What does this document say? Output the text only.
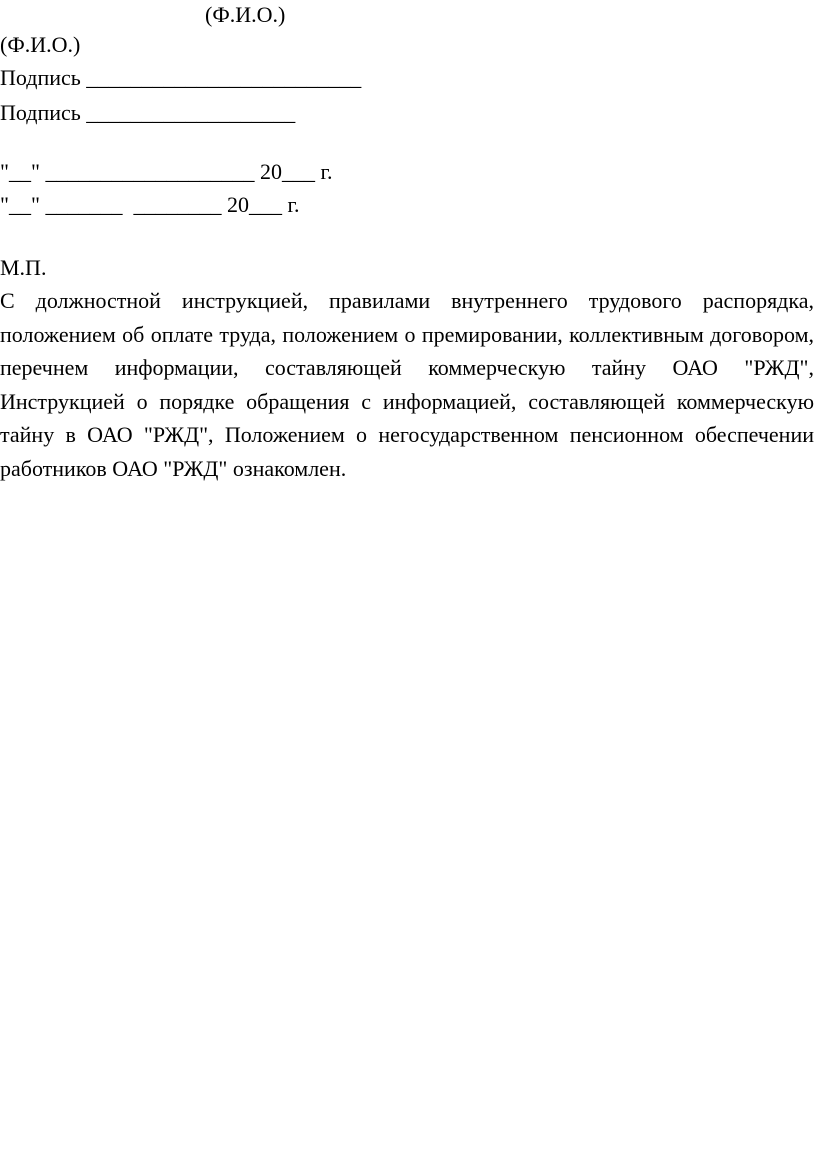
(Ф.И.О.)
(Ф.И.О.)
Подпись _________________________
Подпись ___________________
"__" ___________________ 20___ г.
"__" _______  ________ 20___ г.
М.П.
С должностной инструкцией, правилами внутреннего трудового распорядка, положением об оплате труда, положением о премировании, коллективным договором, перечнем информации, составляющей коммерческую тайну ОАО "РЖД", Инструкцией о порядке обращения с информацией, составляющей коммерческую тайну в ОАО "РЖД", Положением о негосударственном пенсионном обеспечении работников ОАО "РЖД" ознакомлен.
